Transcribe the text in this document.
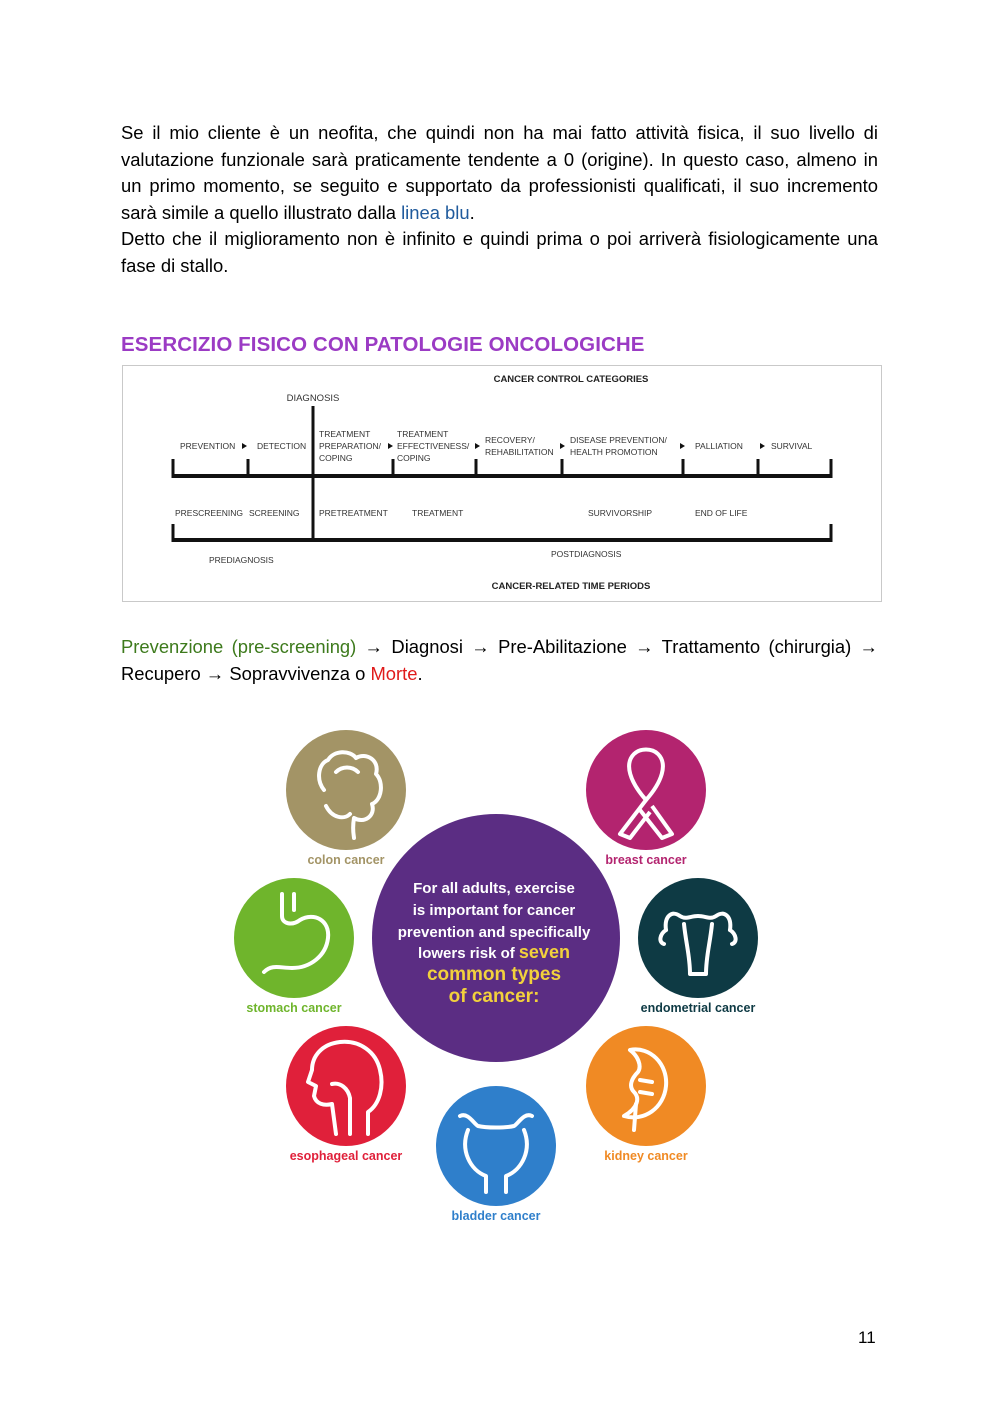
Se il mio cliente è un neofita, che quindi non ha mai fatto attività fisica, il suo livello di valutazione funzionale sarà praticamente tendente a 0 (origine). In questo caso, almeno in un primo momento, se seguito e supportato da professionisti qualificati, il suo incremento sarà simile a quello illustrato dalla linea blu.
Detto che il miglioramento non è infinito e quindi prima o poi arriverà fisiologicamente una fase di stallo.
ESERCIZIO FISICO CON PATOLOGIE ONCOLOGICHE
CANCER CONTROL CATEGORIES
DIAGNOSIS
PREVENTION	DETECTION
TREATMENT
PREPARATION/
COPING
TREATMENT
EFFECTIVENESS/
COPING
RECOVERY/
REHABILITATION
DISEASE PREVENTION/
HEALTH PROMOTION
PALLIATION	SURVIVAL
PRESCREENING SCREENING PRETREATMENT	TREATMENT	SURVIVORSHIP	END OF LIFE
PREDIAGNOSIS
POSTDIAGNOSIS
CANCER-RELATED TIME PERIODS
Prevenzione (pre-screening) → Diagnosi → Pre-Abilitazione → Trattamento (chirurgia) → Recupero → Sopravvivenza o Morte.
For all adults, exercise
is important for cancer
prevention and specifically
lowers risk of seven
common types
of cancer:
colon cancer	breast cancer
stomach cancer	endometrial cancer
esophageal cancer	kidney cancer
bladder cancer
11
